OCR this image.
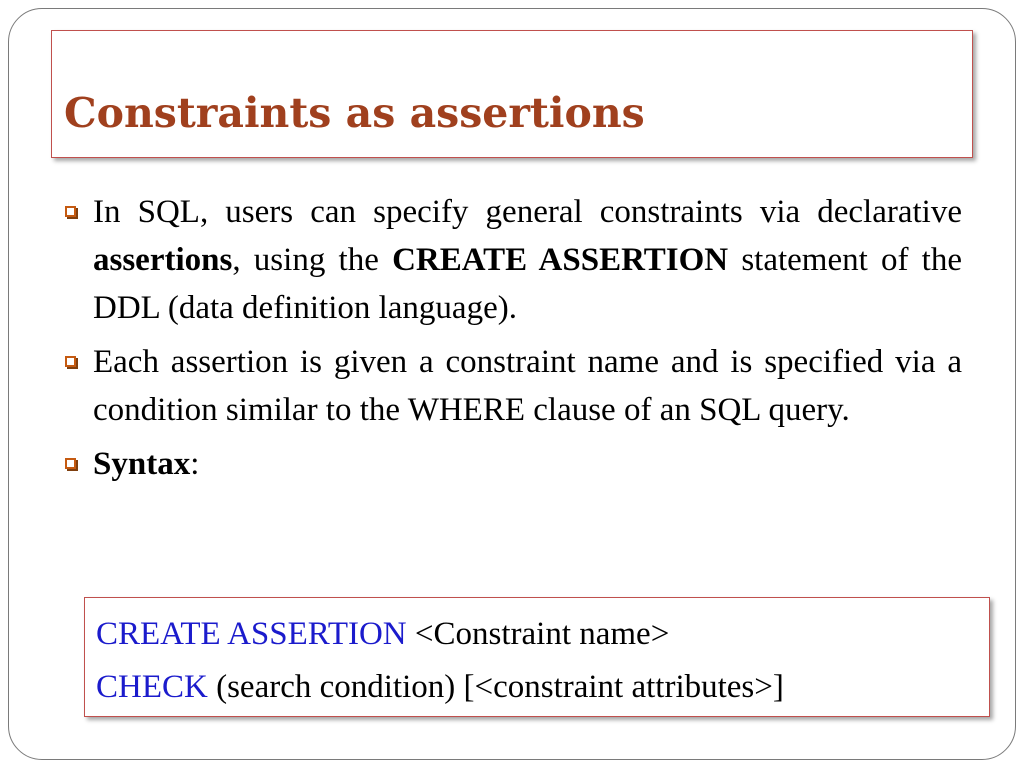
Constraints as assertions
In SQL, users can specify general constraints via declarative assertions, using the CREATE ASSERTION statement of the DDL (data definition language).
Each assertion is given a constraint name and is specified via a condition similar to the WHERE clause of an SQL query.
Syntax:
CREATE ASSERTION <Constraint name>
CHECK (search condition) [<constraint attributes>]
